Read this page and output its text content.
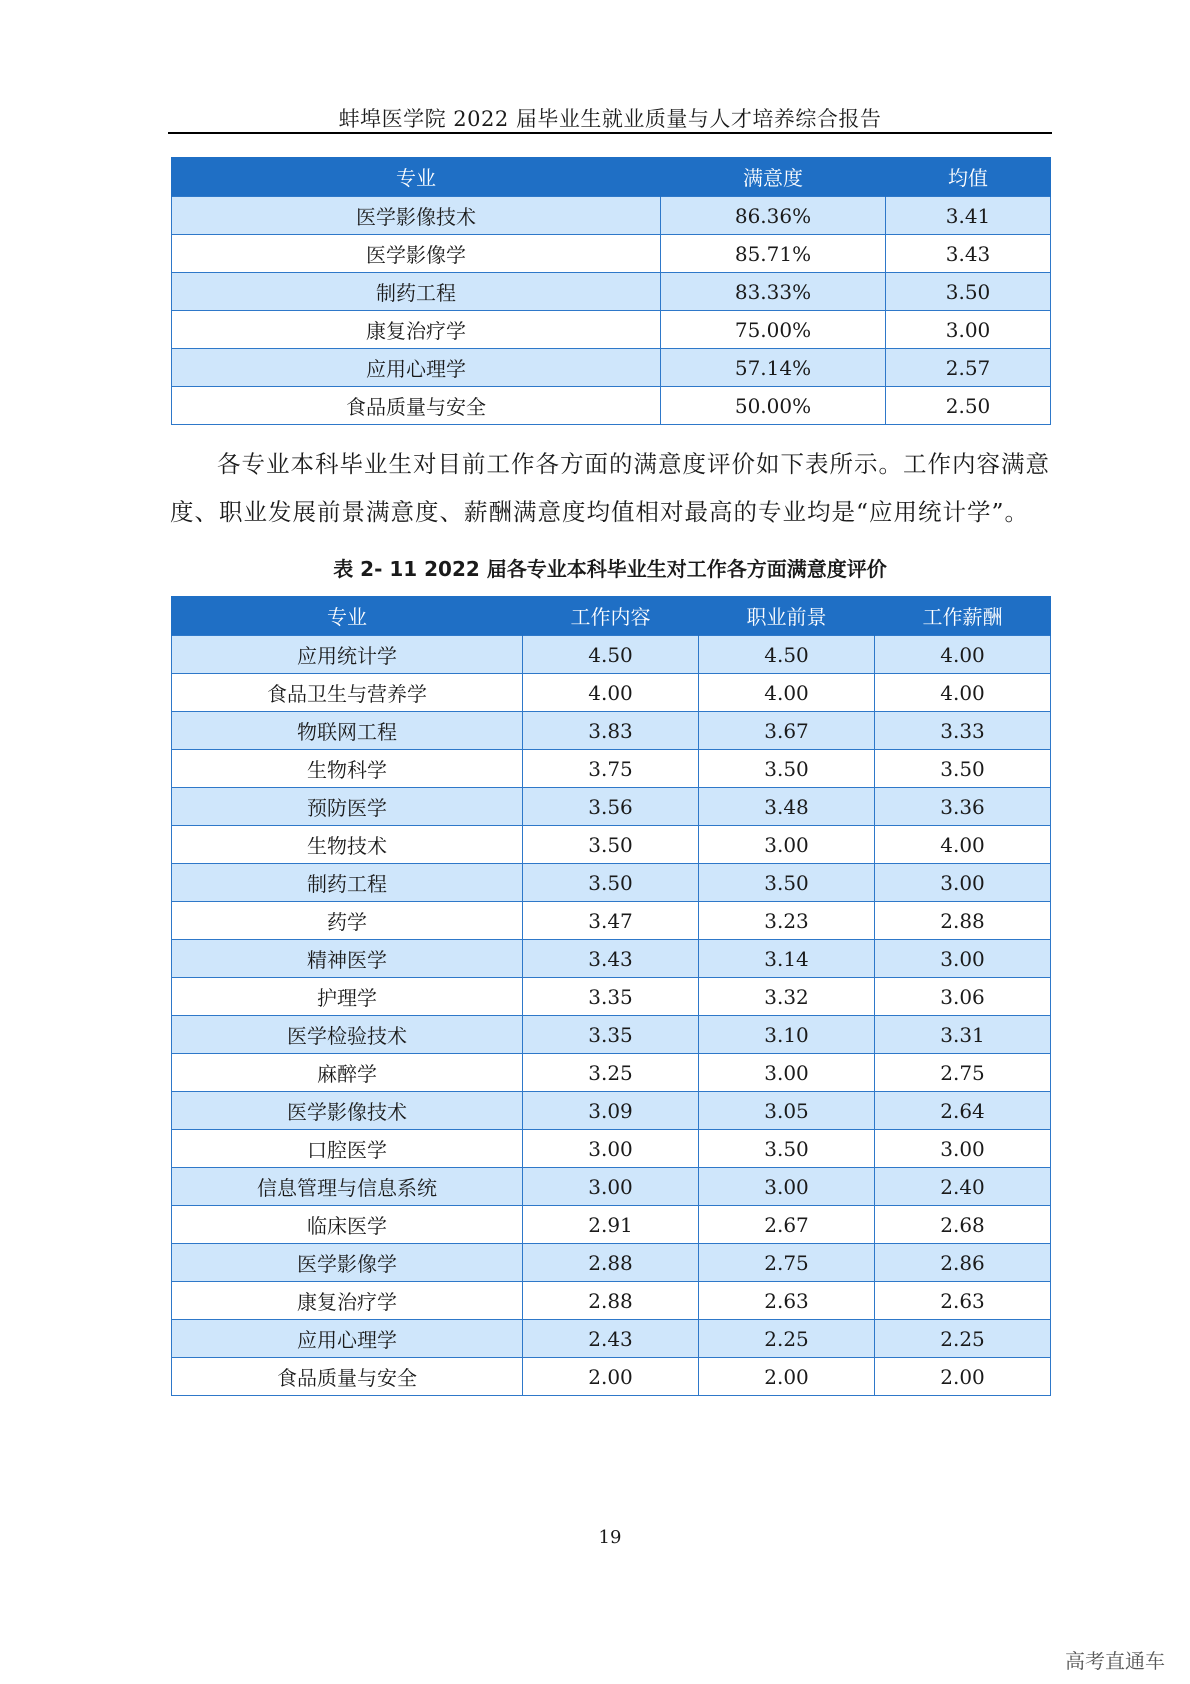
蚌埠医学院 2022 届毕业生就业质量与人才培养综合报告
专业	满意度	均值
医学影像技术	86.36%	3.41
医学影像学	85.71%	3.43
制药工程	83.33%	3.50
康复治疗学	75.00%	3.00
应用心理学	57.14%	2.57
食品质量与安全	50.00%	2.50

各专业本科毕业生对目前工作各方面的满意度评价如下表所示。工作内容满意度、职业发展前景满意度、薪酬满意度均值相对最高的专业均是“应用统计学”。

表 2- 11 2022 届各专业本科毕业生对工作各方面满意度评价
专业	工作内容	职业前景	工作薪酬
应用统计学	4.50	4.50	4.00
食品卫生与营养学	4.00	4.00	4.00
物联网工程	3.83	3.67	3.33
生物科学	3.75	3.50	3.50
预防医学	3.56	3.48	3.36
生物技术	3.50	3.00	4.00
制药工程	3.50	3.50	3.00
药学	3.47	3.23	2.88
精神医学	3.43	3.14	3.00
护理学	3.35	3.32	3.06
医学检验技术	3.35	3.10	3.31
麻醉学	3.25	3.00	2.75
医学影像技术	3.09	3.05	2.64
口腔医学	3.00	3.50	3.00
信息管理与信息系统	3.00	3.00	2.40
临床医学	2.91	2.67	2.68
医学影像学	2.88	2.75	2.86
康复治疗学	2.88	2.63	2.63
应用心理学	2.43	2.25	2.25
食品质量与安全	2.00	2.00	2.00
19
高考直通车
